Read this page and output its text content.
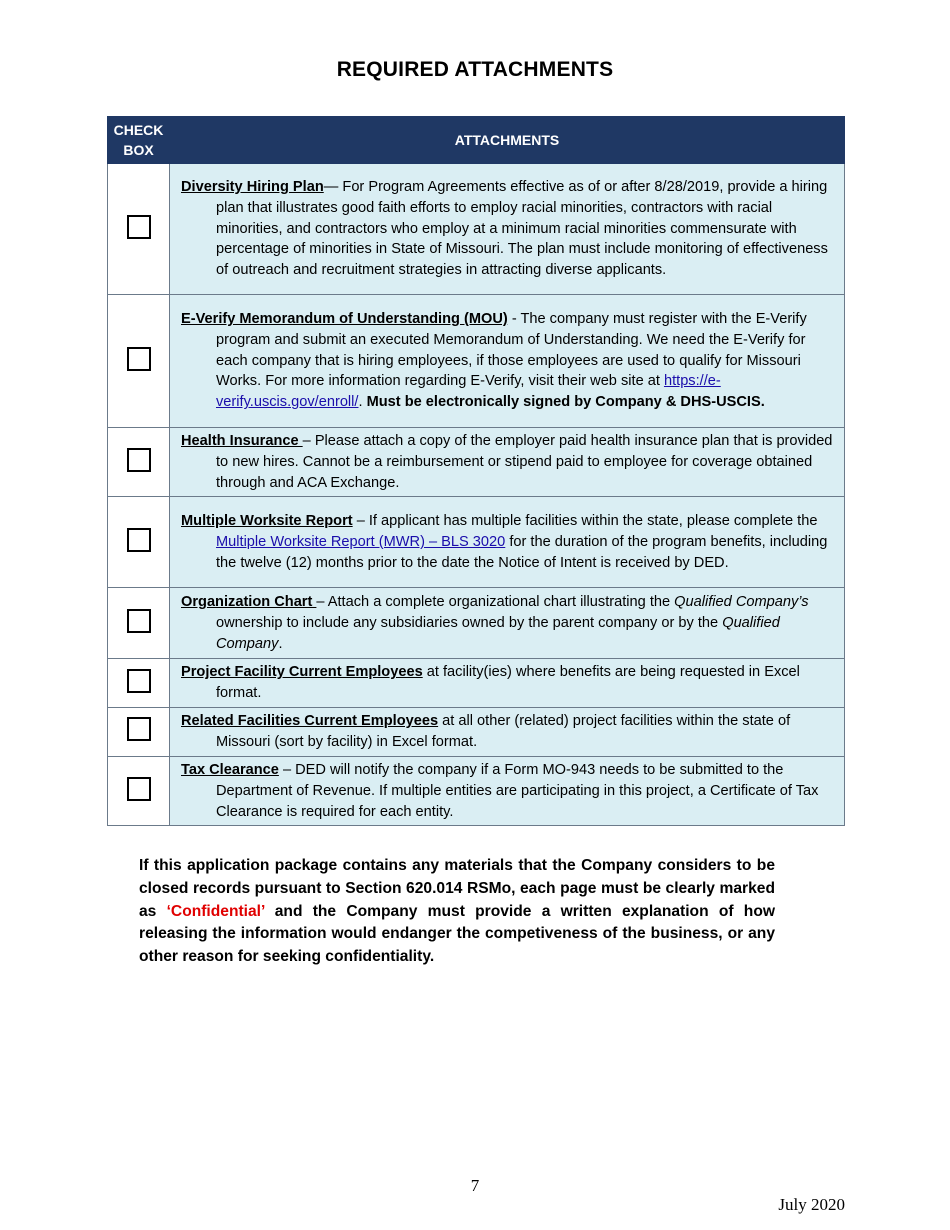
REQUIRED ATTACHMENTS
CHECK
BOX	ATTACHMENTS
	Diversity Hiring Plan— For Program Agreements effective as of or after 8/28/2019, provide a hiring plan that illustrates good faith efforts to employ racial minorities, contractors with racial minorities, and contractors who employ at a minimum racial minorities commensurate with percentage of minorities in State of Missouri. The plan must include monitoring of effectiveness of outreach and recruitment strategies in attracting diverse applicants.
	E-Verify Memorandum of Understanding (MOU) - The company must register with the E-Verify program and submit an executed Memorandum of Understanding. We need the E-Verify for each company that is hiring employees, if those employees are used to qualify for Missouri Works. For more information regarding E-Verify, visit their web site at https://e-verify.uscis.gov/enroll/. Must be electronically signed by Company & DHS-USCIS.
	Health Insurance – Please attach a copy of the employer paid health insurance plan that is provided to new hires. Cannot be a reimbursement or stipend paid to employee for coverage obtained through and ACA Exchange.
	Multiple Worksite Report – If applicant has multiple facilities within the state, please complete the Multiple Worksite Report (MWR) – BLS 3020 for the duration of the program benefits, including the twelve (12) months prior to the date the Notice of Intent is received by DED.
	Organization Chart – Attach a complete organizational chart illustrating the Qualified Company’s ownership to include any subsidiaries owned by the parent company or by the Qualified Company.
	Project Facility Current Employees at facility(ies) where benefits are being requested in Excel format.
	Related Facilities Current Employees at all other (related) project facilities within the state of Missouri (sort by facility) in Excel format.
	Tax Clearance – DED will notify the company if a Form MO-943 needs to be submitted to the Department of Revenue. If multiple entities are participating in this project, a Certificate of Tax Clearance is required for each entity.
If this application package contains any materials that the Company considers to be closed records pursuant to Section 620.014 RSMo, each page must be clearly marked as ‘Confidential’ and the Company must provide a written explanation of how releasing the information would endanger the competiveness of the business, or any other reason for seeking confidentiality.
7
July 2020
